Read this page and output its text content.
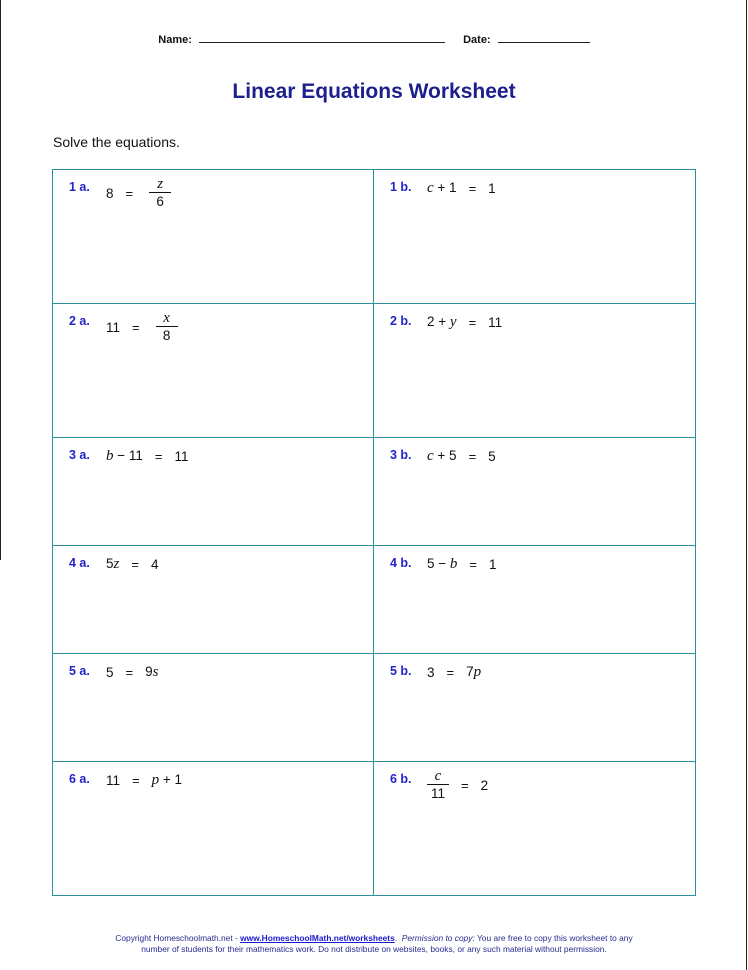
Name:	Date:
Linear Equations Worksheet
Solve the equations.
1 a. $8 = \frac{z}{6}$	1 b. c + 1 = 1

2 a. $11 = \frac{x}{8}$	2 b. 2 + y = 11

3 a. b − 11 = 11	3 b. c + 5 = 5

4 a. 5z = 4	4 b. 5 − b = 1

5 a. 5 = 9s	5 b. 3 = 7p

6 a. 11 = p + 1	6 b. $\frac{c}{11} = 2$
Copyright Homeschoolmath.net - www.HomeschoolMath.net/worksheets.  Permission to copy: You are free to copy this worksheet to any
number of students for their mathematics work. Do not distribute on websites, books, or any such material without permission.
